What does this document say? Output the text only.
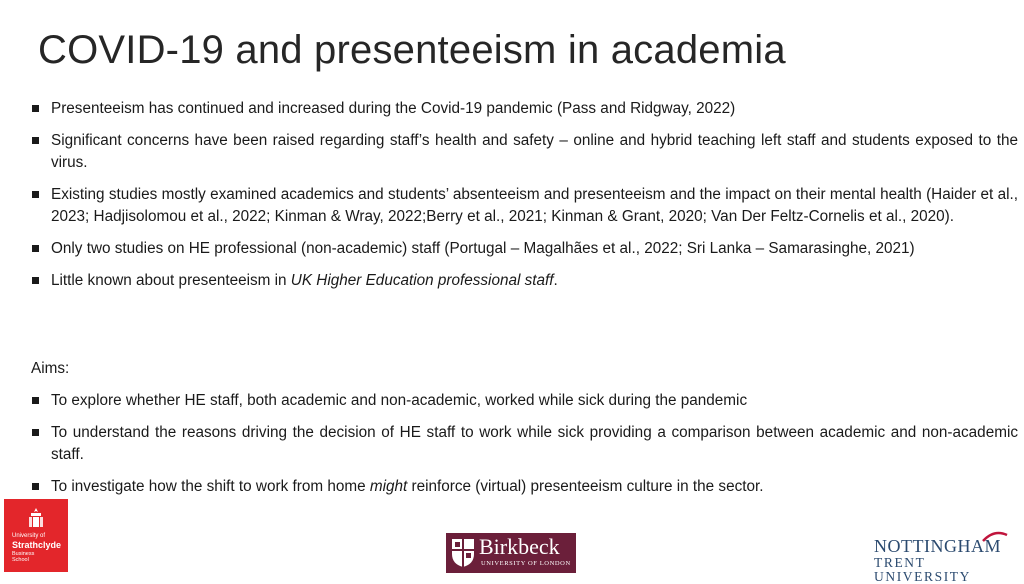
COVID-19 and presenteeism in academia
Presenteeism has continued and increased during the Covid-19 pandemic (Pass and Ridgway, 2022)
Significant concerns have been raised regarding staff’s health and safety – online and hybrid teaching left staff and students exposed to the virus.
Existing studies mostly examined academics and students’ absenteeism and presenteeism and the impact on their mental health (Haider et al., 2023; Hadjisolomou et al., 2022; Kinman & Wray, 2022;Berry et al., 2021; Kinman & Grant, 2020; Van Der Feltz-Cornelis et al., 2020).
Only two studies on HE professional (non-academic) staff (Portugal – Magalhães et al., 2022; Sri Lanka – Samarasinghe, 2021)
Little known about presenteeism in UK Higher Education professional staff.
Aims:
To explore whether HE staff, both academic and non-academic, worked while sick during the pandemic
To understand the reasons driving the decision of HE staff to work while sick providing a comparison between academic and non-academic staff.
To investigate how the shift to work from home might reinforce (virtual) presenteeism culture in the sector.
University of
Strathclyde
Business School
Birkbeck
UNIVERSITY OF LONDON
NOTTINGHAM
TRENT UNIVERSITY
